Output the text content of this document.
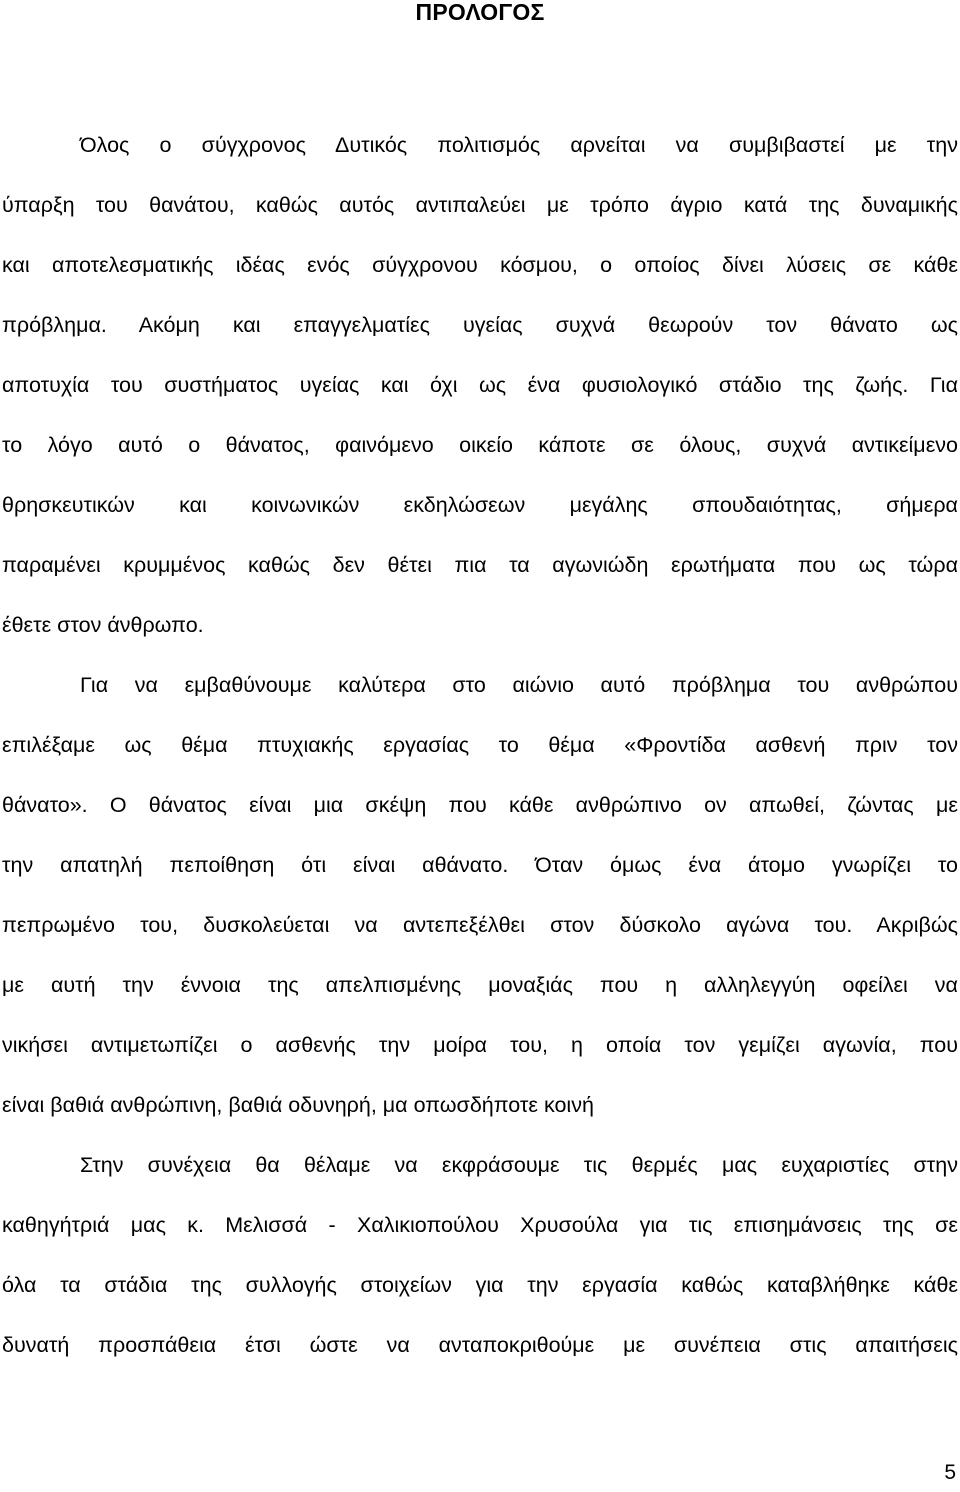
ΠΡΟΛΟΓΟΣ
Όλος ο σύγχρονος Δυτικός πολιτισμός αρνείται να συμβιβαστεί με την
ύπαρξη του θανάτου, καθώς αυτός αντιπαλεύει με τρόπο άγριο κατά της δυναμικής
και αποτελεσματικής ιδέας ενός σύγχρονου κόσμου, ο οποίος δίνει λύσεις σε κάθε
πρόβλημα. Ακόμη και επαγγελματίες υγείας συχνά θεωρούν τον θάνατο ως
αποτυχία του συστήματος υγείας και όχι ως ένα φυσιολογικό στάδιο της ζωής. Για
το λόγο αυτό ο θάνατος, φαινόμενο οικείο κάποτε σε όλους, συχνά αντικείμενο
θρησκευτικών και κοινωνικών εκδηλώσεων μεγάλης σπουδαιότητας, σήμερα
παραμένει κρυμμένος καθώς δεν θέτει πια τα αγωνιώδη ερωτήματα που ως τώρα
έθετε στον άνθρωπο.
Για να εμβαθύνουμε καλύτερα στο αιώνιο αυτό πρόβλημα του ανθρώπου
επιλέξαμε ως θέμα πτυχιακής εργασίας το θέμα «Φροντίδα ασθενή πριν τον
θάνατο». Ο θάνατος είναι μια σκέψη που κάθε ανθρώπινο ον απωθεί, ζώντας με
την απατηλή πεποίθηση ότι είναι αθάνατο. Όταν όμως ένα άτομο γνωρίζει το
πεπρωμένο του, δυσκολεύεται να αντεπεξέλθει στον δύσκολο αγώνα του. Ακριβώς
με αυτή την έννοια της απελπισμένης μοναξιάς που η αλληλεγγύη οφείλει να
νικήσει αντιμετωπίζει ο ασθενής την μοίρα του, η οποία τον γεμίζει αγωνία, που
είναι βαθιά ανθρώπινη, βαθιά οδυνηρή, μα οπωσδήποτε κοινή
Στην συνέχεια θα θέλαμε να εκφράσουμε τις θερμές μας ευχαριστίες στην
καθηγήτριά μας κ. Μελισσά - Χαλικιοπούλου Χρυσούλα για τις επισημάνσεις της σε
όλα τα στάδια της συλλογής στοιχείων για την εργασία καθώς καταβλήθηκε κάθε
δυνατή προσπάθεια έτσι ώστε να ανταποκριθούμε με συνέπεια στις απαιτήσεις
5
